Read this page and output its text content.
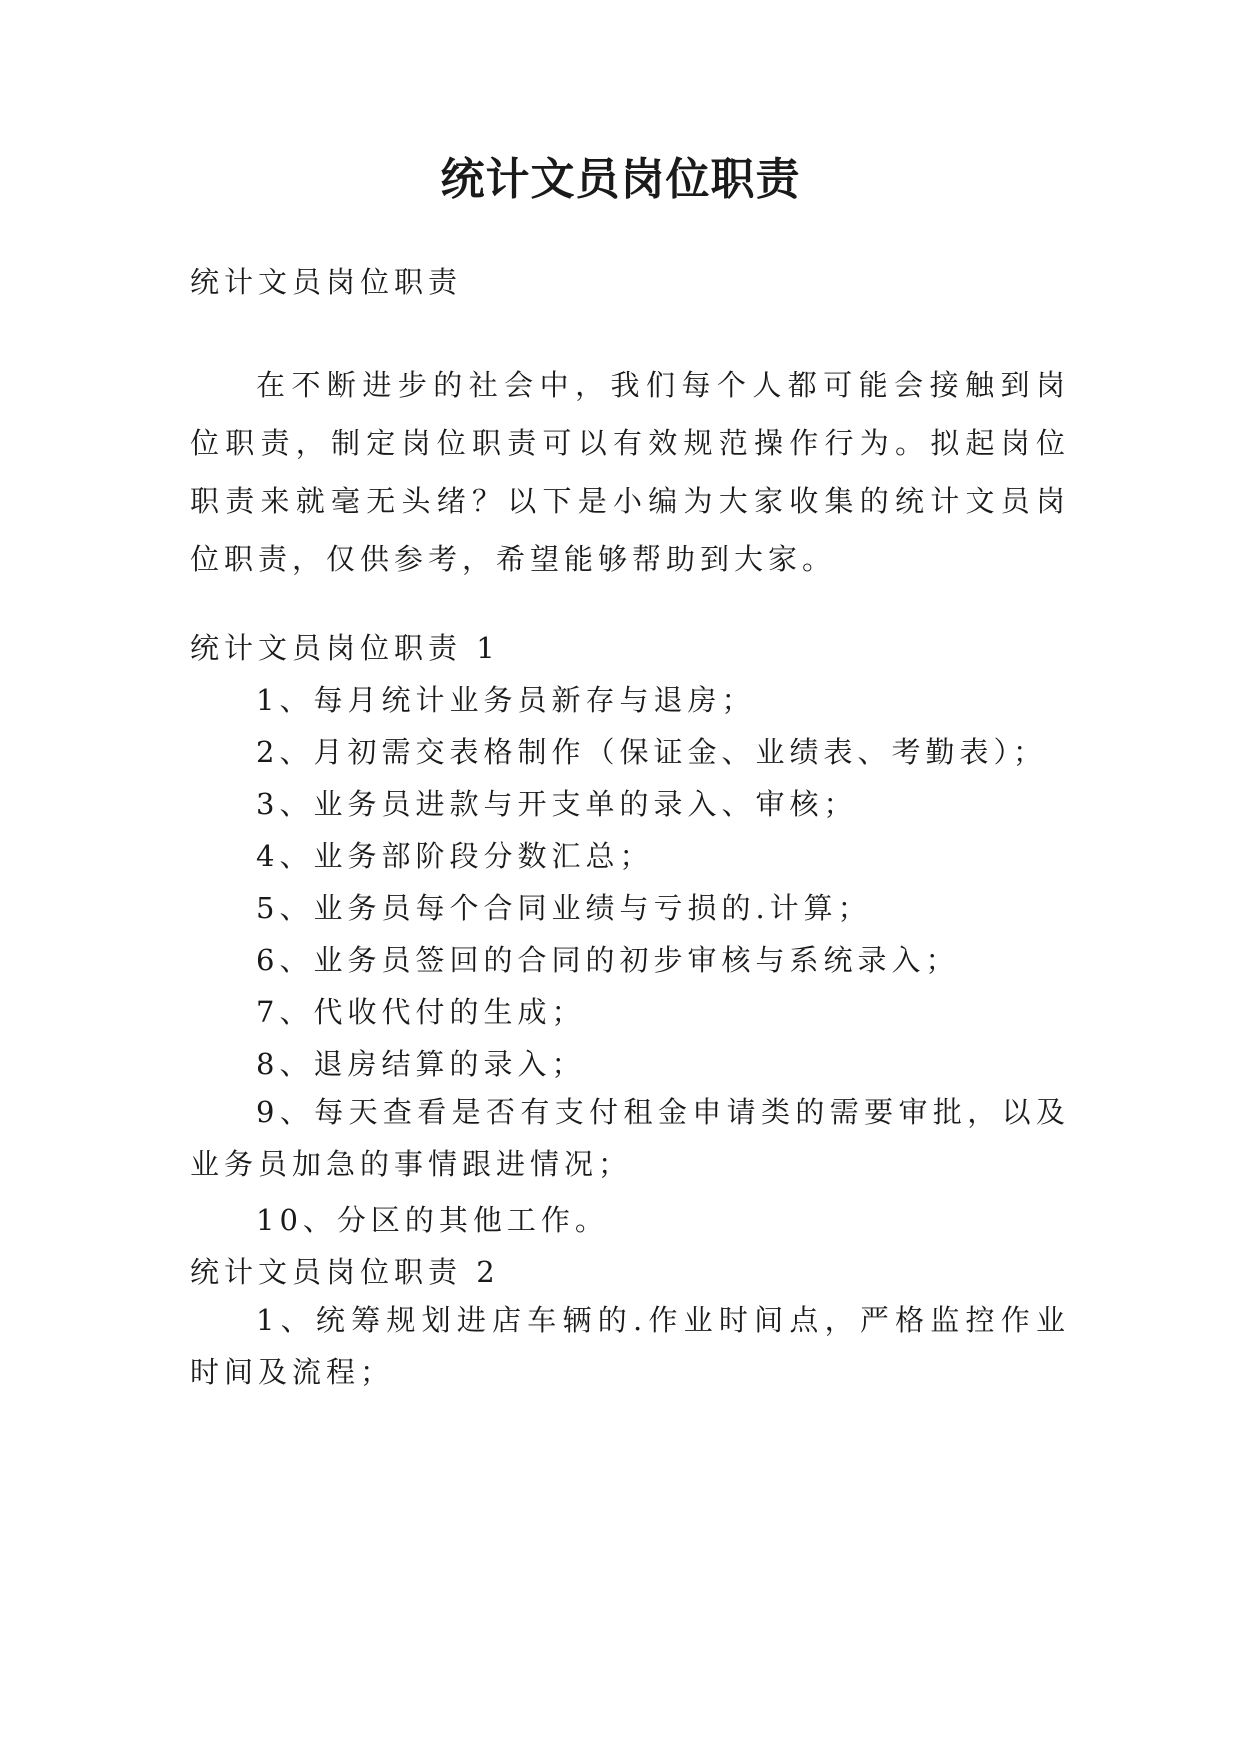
统计文员岗位职责
统计文员岗位职责
在不断进步的社会中，我们每个人都可能会接触到岗位职责，制定岗位职责可以有效规范操作行为。拟起岗位职责来就毫无头绪？以下是小编为大家收集的统计文员岗位职责，仅供参考，希望能够帮助到大家。
统计文员岗位职责 1
1、每月统计业务员新存与退房；
2、月初需交表格制作（保证金、业绩表、考勤表）；
3、业务员进款与开支单的录入、审核；
4、业务部阶段分数汇总；
5、业务员每个合同业绩与亏损的.计算；
6、业务员签回的合同的初步审核与系统录入；
7、代收代付的生成；
8、退房结算的录入；
9、每天查看是否有支付租金申请类的需要审批，以及业务员加急的事情跟进情况；
10、分区的其他工作。
统计文员岗位职责 2
1、统筹规划进店车辆的.作业时间点，严格监控作业时间及流程；
